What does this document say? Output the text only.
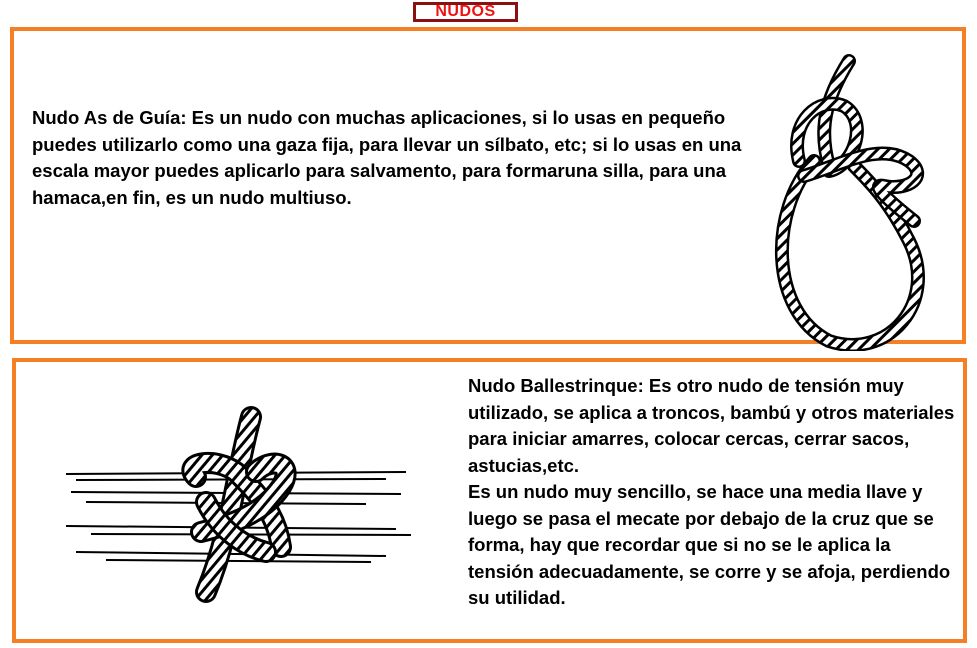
NUDOS
Nudo As de Guía: Es un nudo con muchas aplicaciones, si lo usas en pequeño puedes utilizarlo como una gaza fija, para llevar un sílbato, etc; si lo usas en una escala mayor puedes aplicarlo para salvamento, para formaruna silla, para una hamaca,en fin, es un nudo multiuso.

Nudo Ballestrinque: Es otro nudo de tensión muy utilizado, se aplica a troncos, bambú y otros materiales para iniciar amarres, colocar cercas, cerrar sacos, astucias,etc.

Es un nudo muy sencillo, se hace una media llave y luego se pasa el mecate por debajo de la cruz que se forma, hay que recordar que si no se le aplica la tensión adecuadamente, se corre y se afoja, perdiendo su utilidad.
